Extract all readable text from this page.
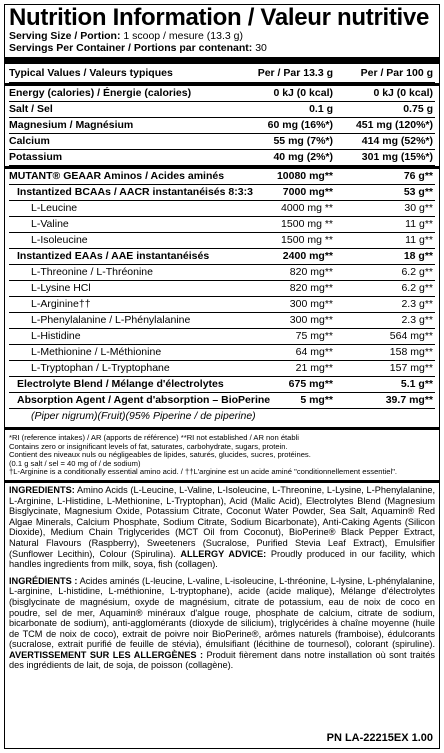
Nutrition Information / Valeur nutritive
Serving Size / Portion: 1 scoop / mesure (13.3 g)
Servings Per Container / Portions par contenant: 30
Typical Values / Valeurs typiques	Per / Par 13.3 g	Per / Par 100 g
Energy (calories) / Énergie (calories)	0 kJ (0 kcal)	0 kJ (0 kcal)
Salt / Sel	0.1 g	0.75 g
Magnesium / Magnésium	60 mg (16%*) 451 mg (120%*)
Calcium	55 mg (7%*)	414 mg (52%*)
Potassium	40 mg (2%*)	301 mg (15%*)
MUTANT® GEAAR Aminos / Acides aminés	10080 mg**	76 g**
Instantized BCAAs / AACR instantanéisés 8:3:3	7000 mg**	53 g**
L-Leucine	4000 mg **	30 g**
L-Valine	1500 mg **	11 g**
L-Isoleucine	1500 mg **	11 g**
Instantized EAAs / AAE instantanéisés	2400 mg**	18 g**
L-Threonine / L-Thréonine	820 mg**	6.2 g**
L-Lysine HCl	820 mg**	6.2 g**
L-Arginine††	300 mg**	2.3 g**
L-Phenylalanine / L-Phénylalanine	300 mg**	2.3 g**
L-Histidine	75 mg**	564 mg**
L-Methionine / L-Méthionine	64 mg**	158 mg**
L-Tryptophan / L-Tryptophane	21 mg**	157 mg**
Electrolyte Blend / Mélange d'électrolytes	675 mg**	5.1 g**
Absorption Agent / Agent d'absorption – BioPerine	5 mg**	39.7 mg**
(Piper nigrum)(Fruit)(95% Piperine / de piperine)
*RI (reference intakes) / AR (apports de référence) **RI not established / AR non établi
Contains zero or insignificant levels of fat, saturates, carbohydrate, sugars, protein.
Contient des niveaux nuls ou négligeables de lipides, saturés, glucides, sucres, protéines.
(0.1 g salt / sel = 40 mg of / de sodium)
†L-Arginine is a conditionally essential amino acid. / ††L'arginine est un acide aminé "conditionnellement essentiel".
INGREDIENTS: Amino Acids (L-Leucine, L-Valine, L-Isoleucine, L-Threonine, L-Lysine, L-Phenylalanine, L-Arginine, L-Histidine, L-Methionine, L-Tryptophan), Acid (Malic Acid), Electrolytes Blend (Magnesium Bisglycinate, Magnesium Oxide, Potassium Citrate, Coconut Water Powder, Sea Salt, Aquamin® Red Algae Minerals, Calcium Phosphate, Sodium Citrate, Sodium Bicarbonate), Anti-Caking Agents (Silicon Dioxide), Medium Chain Triglycerides (MCT Oil from Coconut), BioPerine® Black Pepper Extract, Natural Flavours (Raspberry), Sweeteners (Sucralose, Purified Stevia Leaf Extract), Emulsifier (Sunflower Lecithin), Colour (Spirulina). ALLERGY ADVICE: Proudly produced in our facility, which handles ingredients from milk, soya, fish (collagen).
INGRÉDIENTS : Acides aminés (L-leucine, L-valine, L-isoleucine, L-thréonine, L-lysine, L-phénylalanine, L-arginine, L-histidine, L-méthionine, L-tryptophane), acide (acide malique), Mélange d'électrolytes (bisglycinate de magnésium, oxyde de magnésium, citrate de potassium, eau de noix de coco en poudre, sel de mer, Aquamin® minéraux d'algue rouge, phosphate de calcium, citrate de sodium, bicarbonate de sodium), anti-agglomérants (dioxyde de silicium), triglycérides à chaîne moyenne (huile de TCM de noix de coco), extrait de poivre noir BioPerine®, arômes naturels (framboise), édulcorants (sucralose, extrait purifié de feuille de stévia), émulsifiant (lécithine de tournesol), colorant (spiruline). AVERTISSEMENT SUR LES ALLERGÈNES : Produit fièrement dans notre installation où sont traités des ingrédients de lait, de soja, de poisson (collagène).
PN LA-22215EX 1.00
